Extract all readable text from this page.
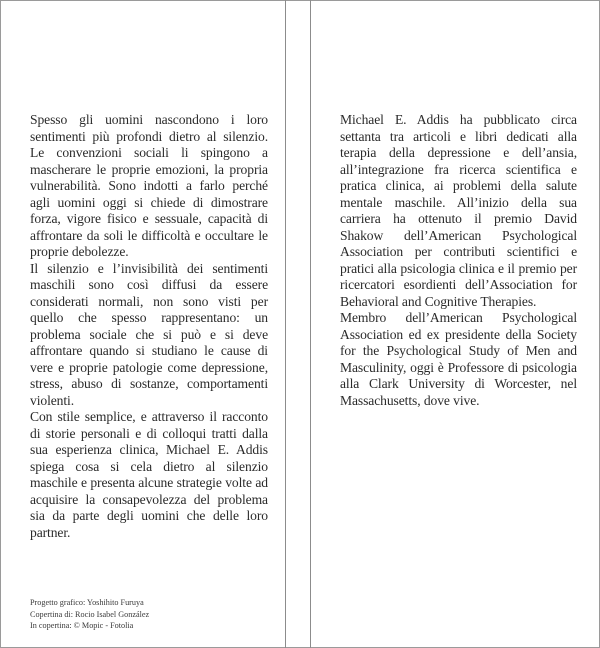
Spesso gli uomini nascondono i loro sentimenti più profondi dietro al silenzio. Le convenzioni sociali li spingono a mascherare le proprie emozioni, la propria vulnerabilità. Sono indotti a farlo perché agli uomini oggi si chiede di dimostrare forza, vigore fisico e sessuale, capacità di affrontare da soli le difficoltà e occultare le proprie debolezze.

Il silenzio e l’invisibilità dei sentimenti maschili sono così diffusi da essere considerati normali, non sono visti per quello che spesso rappresentano: un problema sociale che si può e si deve affrontare quando si studiano le cause di vere e proprie patologie come depressione, stress, abuso di sostanze, comportamenti violenti.

Con stile semplice, e attraverso il racconto di storie personali e di colloqui tratti dalla sua esperienza clinica, Michael E. Addis spiega cosa si cela dietro al silenzio maschile e presenta alcune strategie volte ad acquisire la consapevolezza del problema sia da parte degli uomini che delle loro partner.

Michael E. Addis ha pubblicato circa settanta tra articoli e libri dedicati alla terapia della depressione e dell’ansia, all’integrazione fra ricerca scientifica e pratica clinica, ai problemi della salute mentale maschile. All’inizio della sua carriera ha ottenuto il premio David Shakow dell’American Psychological Association per contributi scientifici e pratici alla psicologia clinica e il premio per ricercatori esordienti dell’Association for Behavioral and Cognitive Therapies.

Membro dell’American Psychological Association ed ex presidente della Society for the Psychological Study of Men and Masculinity, oggi è Professore di psicologia alla Clark University di Worcester, nel Massachusetts, dove vive.

Progetto grafico: Yoshihito Furuya
Copertina di: Rocio Isabel González
In copertina: © Mopic - Fotolia
